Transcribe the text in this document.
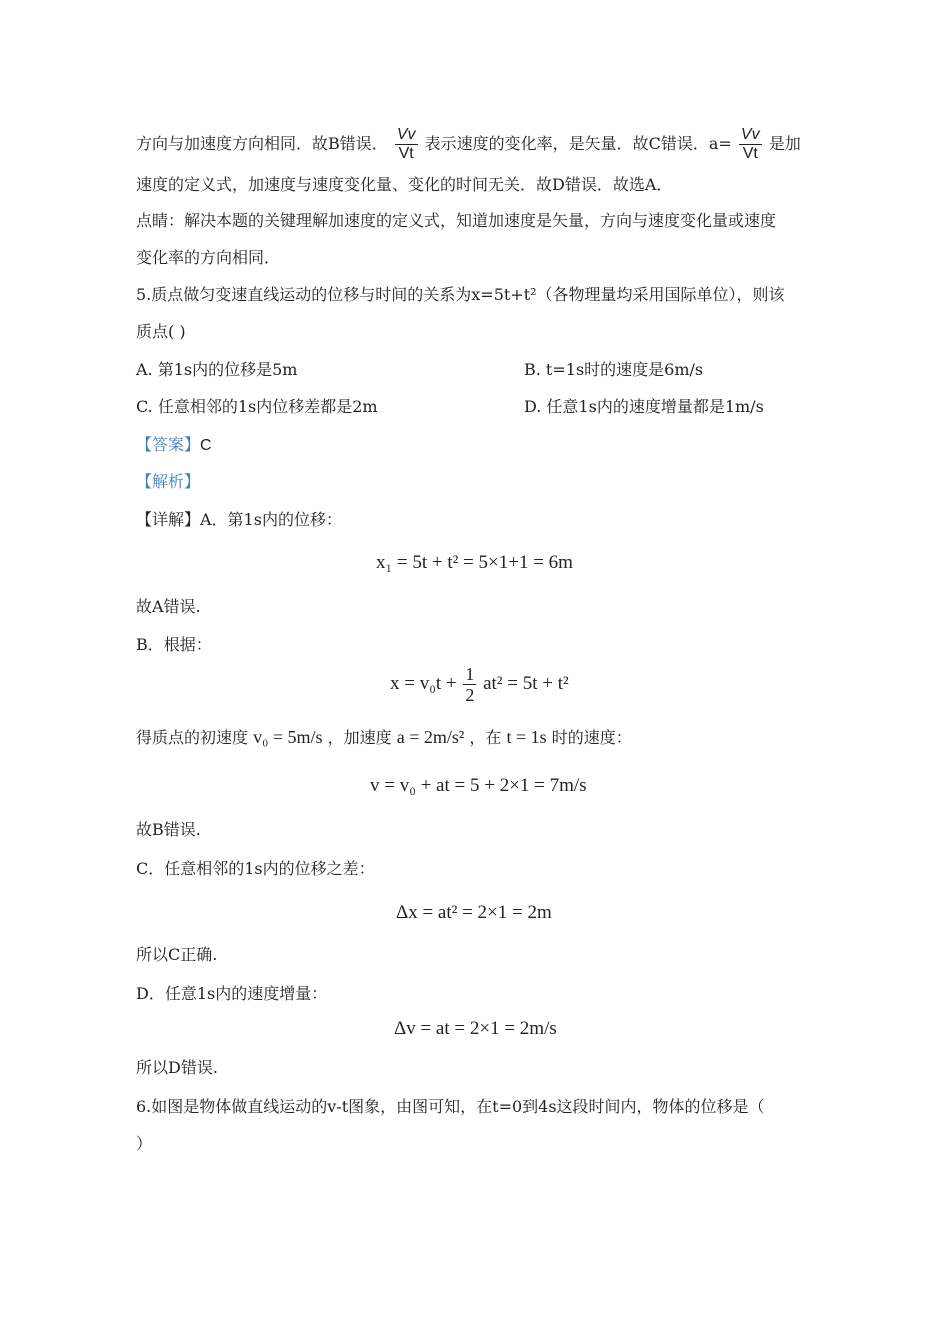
方向与加速度方向相同．故B错误． $\frac{Vv}{Vt}$ 表示速度的变化率，是矢量．故C错误．$a= \frac{Vv}{Vt}$ 是加
速度的定义式，加速度与速度变化量、变化的时间无关．故D错误．故选A．
点睛：解决本题的关键理解加速度的定义式，知道加速度是矢量，方向与速度变化量或速度
变化率的方向相同．
5.质点做匀变速直线运动的位移与时间的关系为x=5t+t²（各物理量均采用国际单位），则该
质点( )
A. 第1s内的位移是5m	B. t=1s时的速度是6m/s
C. 任意相邻的1s内位移差都是2m	D. 任意1s内的速度增量都是1m/s
【答案】C
【解析】
【详解】A．第1s内的位移：
x₁ = 5t + t² = 5×1+1 = 6m
故A错误.
B．根据：
$x = v_0t + \frac{1}{2} at^2 = 5t + t^2$
得质点的初速度 v₀ = 5m/s ，加速度 a = 2m/s² ，在 t = 1s 时的速度：
v = v₀ + at = 5 + 2×1 = 7m/s
故B错误.
C．任意相邻的1s内的位移之差：
Δx = at² = 2×1 = 2m
所以C正确.
D．任意1s内的速度增量：
Δv = at = 2×1 = 2m/s
所以D错误.
6.如图是物体做直线运动的v-t图象，由图可知，在t=0到4s这段时间内，物体的位移是（
）
